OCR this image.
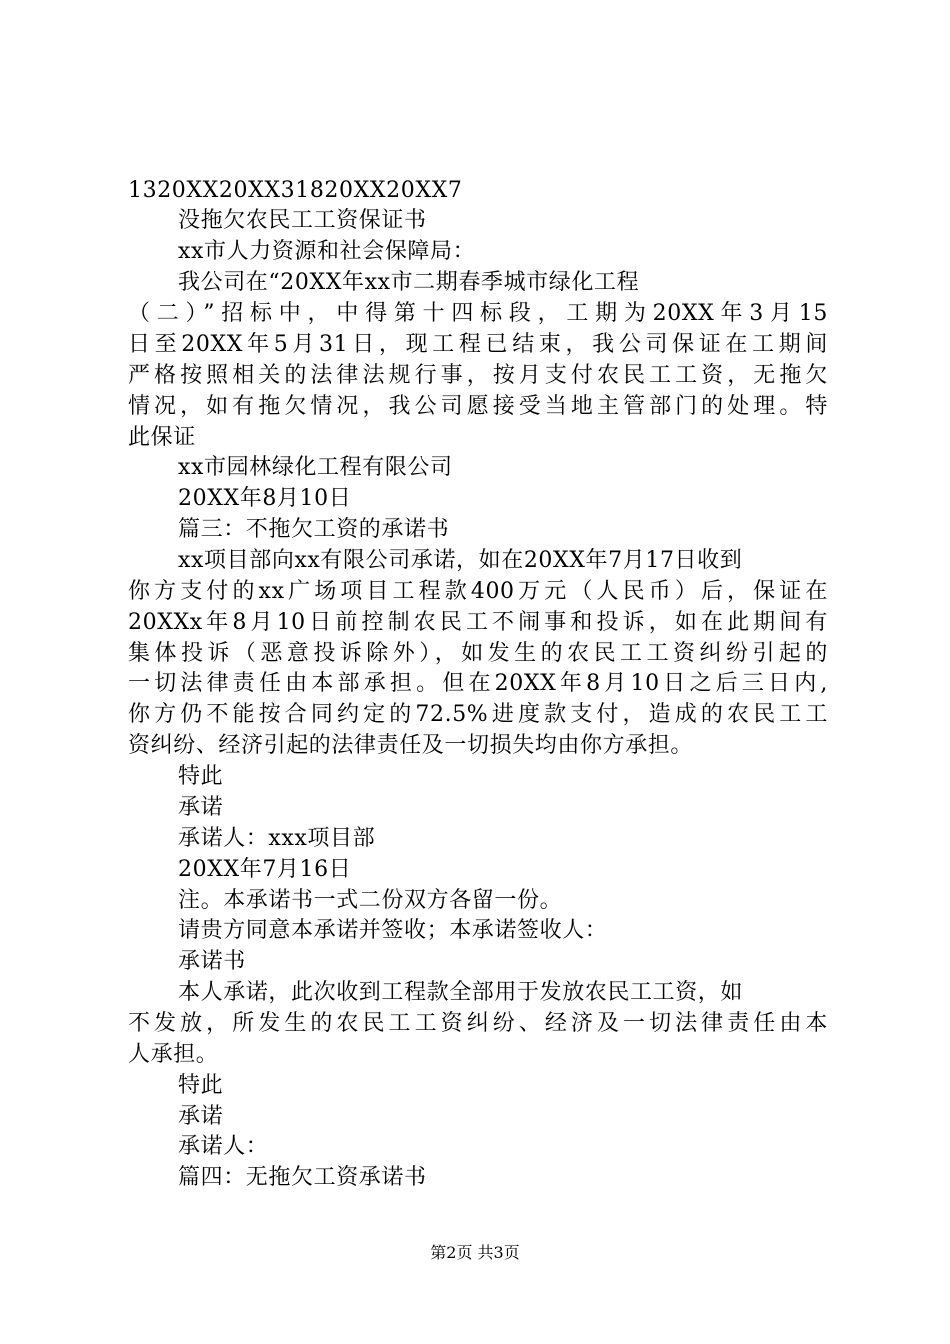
1320XX20XX31820XX20XX7
没拖欠农民工工资保证书
xx市人力资源和社会保障局：
我公司在“20XX年xx市二期春季城市绿化工程
（二）”招标中，中得第十四标段，工期为20XX年3月15
日至20XX年5月31日，现工程已结束，我公司保证在工期间
严格按照相关的法律法规行事，按月支付农民工工资，无拖欠
情况，如有拖欠情况，我公司愿接受当地主管部门的处理。特
此保证
xx市园林绿化工程有限公司
20XX年8月10日
篇三：不拖欠工资的承诺书
xx项目部向xx有限公司承诺，如在20XX年7月17日收到
你方支付的xx广场项目工程款400万元（人民币）后，保证在
20XXx年8月10日前控制农民工不闹事和投诉，如在此期间有
集体投诉（恶意投诉除外），如发生的农民工工资纠纷引起的
一切法律责任由本部承担。但在20XX年8月10日之后三日内,
你方仍不能按合同约定的72.5%进度款支付，造成的农民工工
资纠纷、经济引起的法律责任及一切损失均由你方承担。
特此
承诺
承诺人：xxx项目部
20XX年7月16日
注。本承诺书一式二份双方各留一份。
请贵方同意本承诺并签收；本承诺签收人：
承诺书
本人承诺，此次收到工程款全部用于发放农民工工资，如
不发放，所发生的农民工工资纠纷、经济及一切法律责任由本
人承担。
特此
承诺
承诺人：
篇四：无拖欠工资承诺书
第2页 共3页
